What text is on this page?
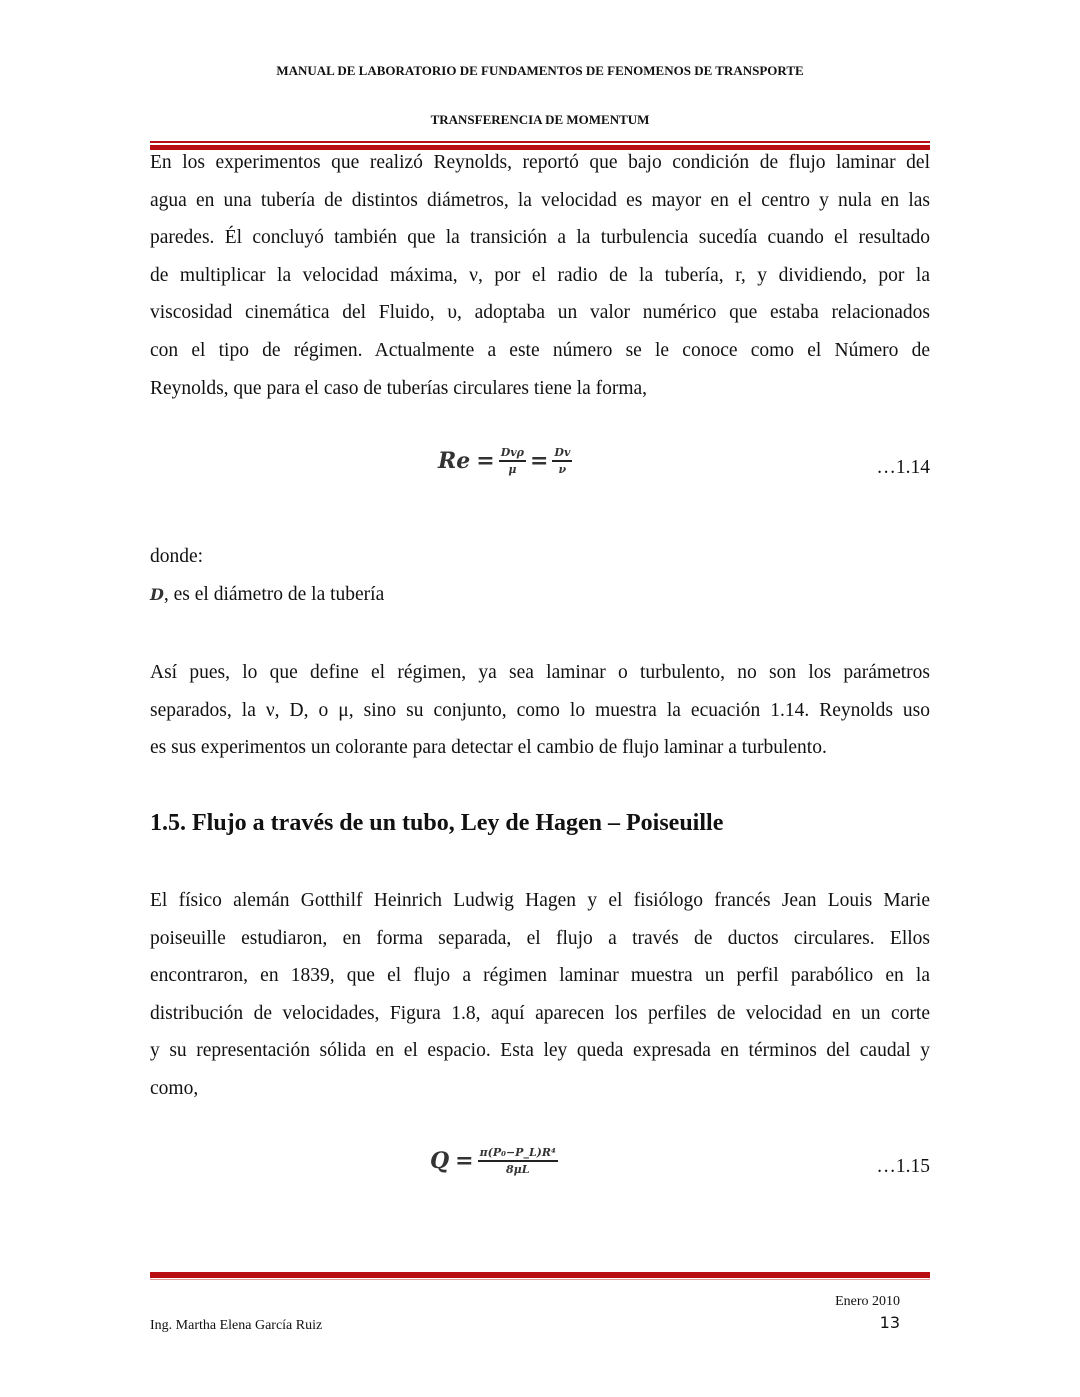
MANUAL DE LABORATORIO DE FUNDAMENTOS DE FENOMENOS DE TRANSPORTE
TRANSFERENCIA DE MOMENTUM
En los experimentos que realizó Reynolds, reportó que bajo condición de flujo laminar del
agua en una tubería de distintos diámetros, la velocidad es mayor en el centro y nula en las
paredes. Él concluyó también que la transición a la turbulencia sucedía cuando el resultado
de multiplicar la velocidad máxima, ν, por el radio de la tubería, r, y dividiendo, por la
viscosidad cinemática del Fluido, υ, adoptaba un valor numérico que estaba relacionados
con el tipo de régimen. Actualmente a este número se le conoce como el Número de
Reynolds, que para el caso de tuberías circulares tiene la forma,
$Re = \frac{\text{Dvρ}}{\mu} = \frac{Dv}{\nu}$	…1.14
donde:
D, es el diámetro de la tubería
Así pues, lo que define el régimen, ya sea laminar o turbulento, no son los parámetros
separados, la ν, D, o μ, sino su conjunto, como lo muestra la ecuación 1.14. Reynolds uso
es sus experimentos un colorante para detectar el cambio de flujo laminar a turbulento.
1.5. Flujo a través de un tubo, Ley de Hagen – Poiseuille
El físico alemán Gotthilf Heinrich Ludwig Hagen y el fisiólogo francés Jean Louis Marie
poiseuille estudiaron, en forma separada, el flujo a través de ductos circulares. Ellos
encontraron, en 1839, que el flujo a régimen laminar muestra un perfil parabólico en la
distribución de velocidades, Figura 1.8, aquí aparecen los perfiles de velocidad en un corte
y su representación sólida en el espacio. Esta ley queda expresada en términos del caudal y
como,
$Q = \frac{\text{π(P₀−P\_L)R⁴}}{8\mu L}$	…1.15
Enero 2010
Ing. Martha Elena García Ruiz	13
